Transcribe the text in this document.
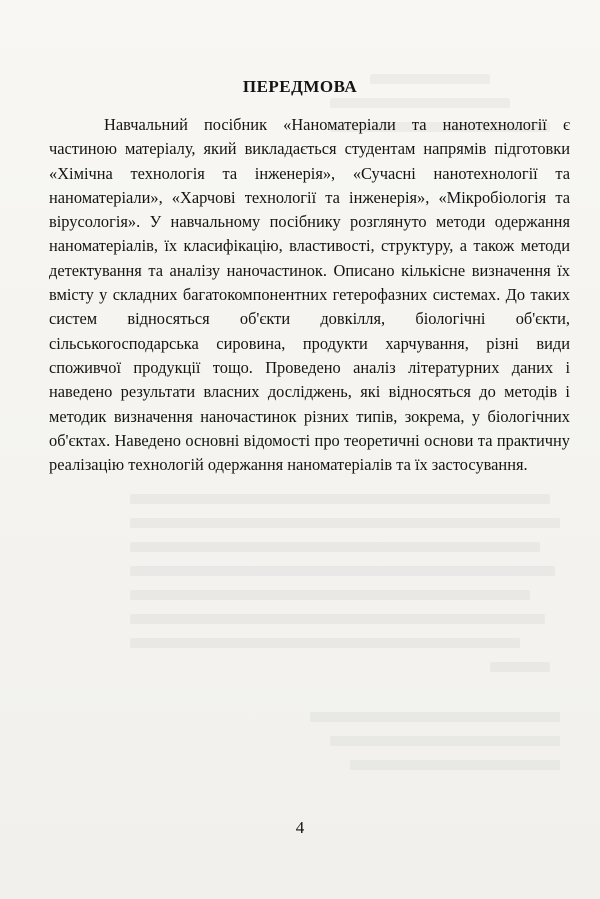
ПЕРЕДМОВА

Навчальний посібник «Наноматеріали та нанотехнології є частиною матеріалу, який викладається студентам напрямів підготовки «Хімічна технологія та інженерія», «Сучасні нанотехнології та наноматеріали», «Харчові технології та інженерія», «Мікробіологія та вірусологія». У навчальному посібнику розглянуто методи одержання наноматеріалів, їх класифікацію, властивості, структуру, а також методи детектування та аналізу наночастинок. Описано кількісне визначення їх вмісту у складних багатокомпонентних гетерофазних системах. До таких систем відносяться об'єкти довкілля, біологічні об'єкти, сільськогосподарська сировина, продукти харчування, різні види споживчої продукції тощо. Проведено аналіз літературних даних і наведено результати власних досліджень, які відносяться до методів і методик визначення наночастинок різних типів, зокрема, у біологічних об'єктах. Наведено основні відомості про теоретичні основи та практичну реалізацію технологій одержання наноматеріалів та їх застосування.

4
